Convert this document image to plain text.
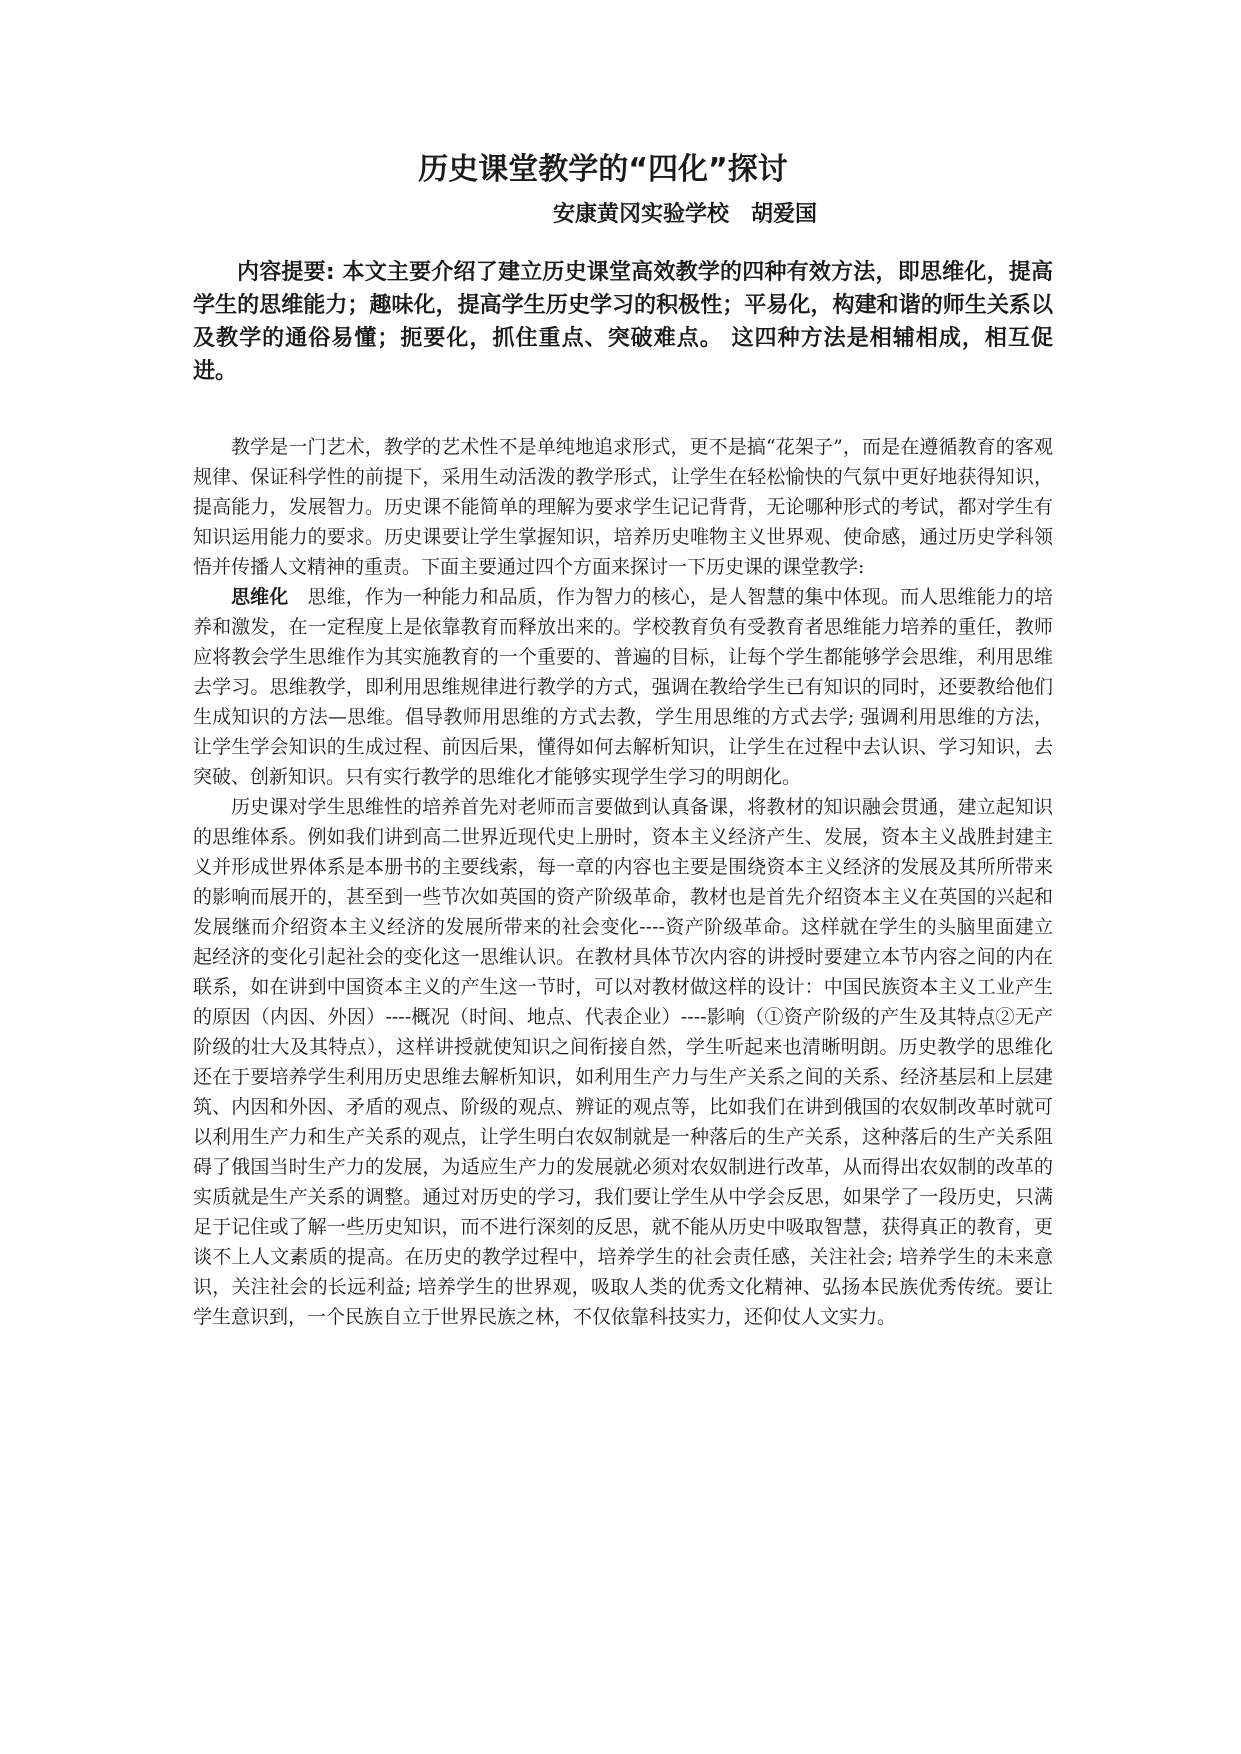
历史课堂教学的“四化”探讨
安康黄冈实验学校　胡爱国

内容提要: 本文主要介绍了建立历史课堂高效教学的四种有效方法，即思维化，提高学生的思维能力；趣味化，提高学生历史学习的积极性；平易化，构建和谐的师生关系以及教学的通俗易懂；扼要化，抓住重点、突破难点。 这四种方法是相辅相成，相互促进。

教学是一门艺术，教学的艺术性不是单纯地追求形式，更不是搞“花架子”，而是在遵循教育的客观规律、保证科学性的前提下，采用生动活泼的教学形式，让学生在轻松愉快的气氛中更好地获得知识，提高能力，发展智力。历史课不能简单的理解为要求学生记记背背，无论哪种形式的考试，都对学生有知识运用能力的要求。历史课要让学生掌握知识，培养历史唯物主义世界观、使命感，通过历史学科领悟并传播人文精神的重责。下面主要通过四个方面来探讨一下历史课的课堂教学:

思维化　思维，作为一种能力和品质，作为智力的核心，是人智慧的集中体现。而人思维能力的培养和激发，在一定程度上是依靠教育而释放出来的。学校教育负有受教育者思维能力培养的重任，教师应将教会学生思维作为其实施教育的一个重要的、普遍的目标，让每个学生都能够学会思维，利用思维去学习。思维教学，即利用思维规律进行教学的方式，强调在教给学生已有知识的同时，还要教给他们生成知识的方法—思维。倡导教师用思维的方式去教，学生用思维的方式去学; 强调利用思维的方法，让学生学会知识的生成过程、前因后果，懂得如何去解析知识，让学生在过程中去认识、学习知识，去突破、创新知识。只有实行教学的思维化才能够实现学生学习的明朗化。

历史课对学生思维性的培养首先对老师而言要做到认真备课，将教材的知识融会贯通，建立起知识的思维体系。例如我们讲到高二世界近现代史上册时，资本主义经济产生、发展，资本主义战胜封建主义并形成世界体系是本册书的主要线索，每一章的内容也主要是围绕资本主义经济的发展及其所所带来的影响而展开的，甚至到一些节次如英国的资产阶级革命，教材也是首先介绍资本主义在英国的兴起和发展继而介绍资本主义经济的发展所带来的社会变化----资产阶级革命。这样就在学生的头脑里面建立起经济的变化引起社会的变化这一思维认识。在教材具体节次内容的讲授时要建立本节内容之间的内在联系，如在讲到中国资本主义的产生这一节时，可以对教材做这样的设计：中国民族资本主义工业产生的原因（内因、外因）----概况（时间、地点、代表企业）----影响（①资产阶级的产生及其特点②无产阶级的壮大及其特点），这样讲授就使知识之间衔接自然，学生听起来也清晰明朗。历史教学的思维化还在于要培养学生利用历史思维去解析知识，如利用生产力与生产关系之间的关系、经济基层和上层建筑、内因和外因、矛盾的观点、阶级的观点、辨证的观点等，比如我们在讲到俄国的农奴制改革时就可以利用生产力和生产关系的观点，让学生明白农奴制就是一种落后的生产关系，这种落后的生产关系阻碍了俄国当时生产力的发展，为适应生产力的发展就必须对农奴制进行改革，从而得出农奴制的改革的实质就是生产关系的调整。通过对历史的学习，我们要让学生从中学会反思，如果学了一段历史，只满足于记住或了解一些历史知识，而不进行深刻的反思，就不能从历史中吸取智慧，获得真正的教育，更谈不上人文素质的提高。在历史的教学过程中，培养学生的社会责任感，关注社会; 培养学生的未来意识，关注社会的长远利益; 培养学生的世界观，吸取人类的优秀文化精神、弘扬本民族优秀传统。要让学生意识到，一个民族自立于世界民族之林，不仅依靠科技实力，还仰仗人文实力。
